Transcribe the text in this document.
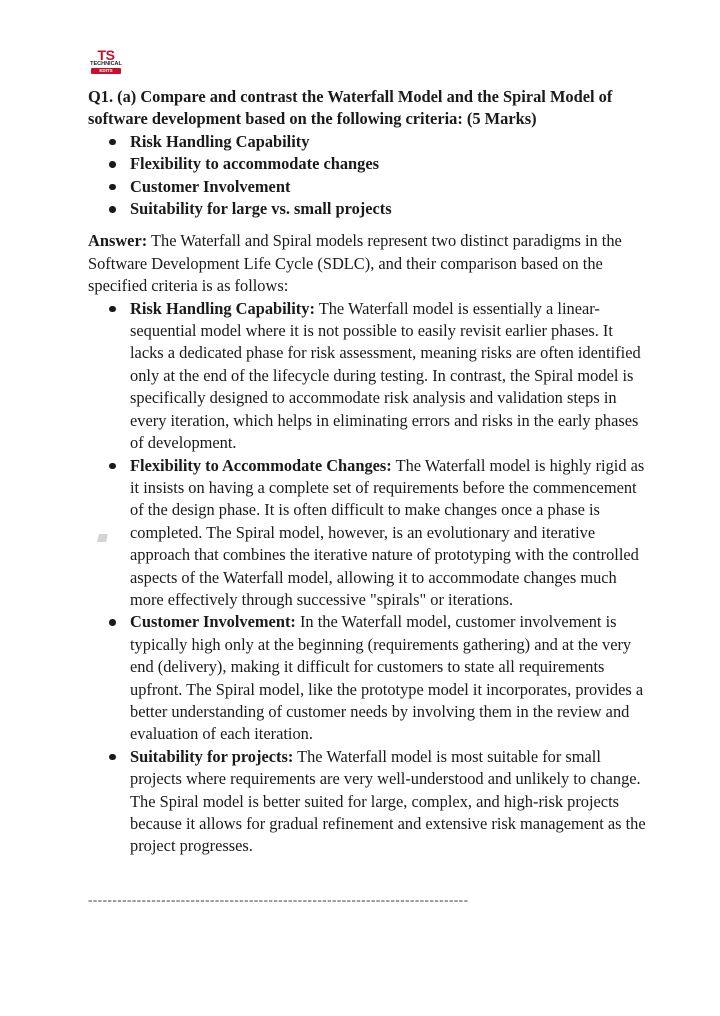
TS
TECHNICAL
EDITS

Q1. (a) Compare and contrast the Waterfall Model and the Spiral Model of software development based on the following criteria: (5 Marks)

Risk Handling Capability
Flexibility to accommodate changes
Customer Involvement
Suitability for large vs. small projects

Answer: The Waterfall and Spiral models represent two distinct paradigms in the Software Development Life Cycle (SDLC), and their comparison based on the specified criteria is as follows:

Risk Handling Capability: The Waterfall model is essentially a linear-sequential model where it is not possible to easily revisit earlier phases. It lacks a dedicated phase for risk assessment, meaning risks are often identified only at the end of the lifecycle during testing. In contrast, the Spiral model is specifically designed to accommodate risk analysis and validation steps in every iteration, which helps in eliminating errors and risks in the early phases of development.
Flexibility to Accommodate Changes: The Waterfall model is highly rigid as it insists on having a complete set of requirements before the commencement of the design phase. It is often difficult to make changes once a phase is completed. The Spiral model, however, is an evolutionary and iterative approach that combines the iterative nature of prototyping with the controlled aspects of the Waterfall model, allowing it to accommodate changes much more effectively through successive "spirals" or iterations.
Customer Involvement: In the Waterfall model, customer involvement is typically high only at the beginning (requirements gathering) and at the very end (delivery), making it difficult for customers to state all requirements upfront. The Spiral model, like the prototype model it incorporates, provides a better understanding of customer needs by involving them in the review and evaluation of each iteration.
Suitability for projects: The Waterfall model is most suitable for small projects where requirements are very well-understood and unlikely to change. The Spiral model is better suited for large, complex, and high-risk projects because it allows for gradual refinement and extensive risk management as the project progresses.
------------------------------------------------------------------------------
